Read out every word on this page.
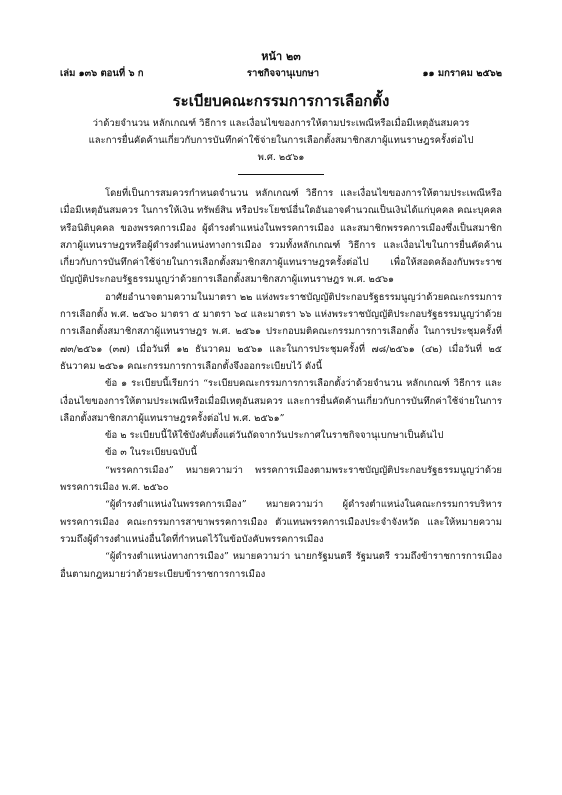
หน้า ๒๓
เล่ม ๑๓๖ ตอนที่ ๖ ก	ราชกิจจานุเบกษา	๑๑ มกราคม ๒๕๖๒
ระเบียบคณะกรรมการการเลือกตั้ง
ว่าด้วยจำนวน หลักเกณฑ์ วิธีการ และเงื่อนไขของการให้ตามประเพณีหรือเมื่อมีเหตุอันสมควร
และการยื่นคัดค้านเกี่ยวกับการบันทึกค่าใช้จ่ายในการเลือกตั้งสมาชิกสภาผู้แทนราษฎรครั้งต่อไป
พ.ศ. ๒๕๖๑

โดยที่เป็นการสมควรกำหนดจำนวน หลักเกณฑ์ วิธีการ และเงื่อนไขของการให้ตามประเพณีหรือเมื่อมีเหตุอันสมควร ในการให้เงิน ทรัพย์สิน หรือประโยชน์อื่นใดอันอาจคำนวณเป็นเงินได้แก่บุคคล คณะบุคคล หรือนิติบุคคล ของพรรคการเมือง ผู้ดำรงตำแหน่งในพรรคการเมือง และสมาชิกพรรคการเมืองซึ่งเป็นสมาชิกสภาผู้แทนราษฎรหรือผู้ดำรงตำแหน่งทางการเมือง รวมทั้งหลักเกณฑ์ วิธีการ และเงื่อนไขในการยื่นคัดค้านเกี่ยวกับการบันทึกค่าใช้จ่ายในการเลือกตั้งสมาชิกสภาผู้แทนราษฎรครั้งต่อไป เพื่อให้สอดคล้องกับพระราชบัญญัติประกอบรัฐธรรมนูญว่าด้วยการเลือกตั้งสมาชิกสภาผู้แทนราษฎร พ.ศ. ๒๕๖๑

อาศัยอำนาจตามความในมาตรา ๒๒ แห่งพระราชบัญญัติประกอบรัฐธรรมนูญว่าด้วยคณะกรรมการการเลือกตั้ง พ.ศ. ๒๕๖๐ มาตรา ๕ มาตรา ๖๔ และมาตรา ๖๖ แห่งพระราชบัญญัติประกอบรัฐธรรมนูญว่าด้วยการเลือกตั้งสมาชิกสภาผู้แทนราษฎร พ.ศ. ๒๕๖๑ ประกอบมติคณะกรรมการการเลือกตั้ง ในการประชุมครั้งที่ ๗๓/๒๕๖๑ (๓๗) เมื่อวันที่ ๑๒ ธันวาคม ๒๕๖๑ และในการประชุมครั้งที่ ๗๘/๒๕๖๑ (๔๒) เมื่อวันที่ ๒๕ ธันวาคม ๒๕๖๑ คณะกรรมการการเลือกตั้งจึงออกระเบียบไว้ ดังนี้

ข้อ ๑ ระเบียบนี้เรียกว่า “ระเบียบคณะกรรมการการเลือกตั้งว่าด้วยจำนวน หลักเกณฑ์ วิธีการ และเงื่อนไขของการให้ตามประเพณีหรือเมื่อมีเหตุอันสมควร และการยื่นคัดค้านเกี่ยวกับการบันทึกค่าใช้จ่ายในการเลือกตั้งสมาชิกสภาผู้แทนราษฎรครั้งต่อไป พ.ศ. ๒๕๖๑”

ข้อ ๒ ระเบียบนี้ให้ใช้บังคับตั้งแต่วันถัดจากวันประกาศในราชกิจจานุเบกษาเป็นต้นไป

ข้อ ๓ ในระเบียบฉบับนี้

“พรรคการเมือง” หมายความว่า พรรคการเมืองตามพระราชบัญญัติประกอบรัฐธรรมนูญว่าด้วยพรรคการเมือง พ.ศ. ๒๕๖๐

“ผู้ดำรงตำแหน่งในพรรคการเมือง” หมายความว่า ผู้ดำรงตำแหน่งในคณะกรรมการบริหารพรรคการเมือง คณะกรรมการสาขาพรรคการเมือง ตัวแทนพรรคการเมืองประจำจังหวัด และให้หมายความรวมถึงผู้ดำรงตำแหน่งอื่นใดที่กำหนดไว้ในข้อบังคับพรรคการเมือง

“ผู้ดำรงตำแหน่งทางการเมือง” หมายความว่า นายกรัฐมนตรี รัฐมนตรี รวมถึงข้าราชการการเมืองอื่นตามกฎหมายว่าด้วยระเบียบข้าราชการการเมือง
